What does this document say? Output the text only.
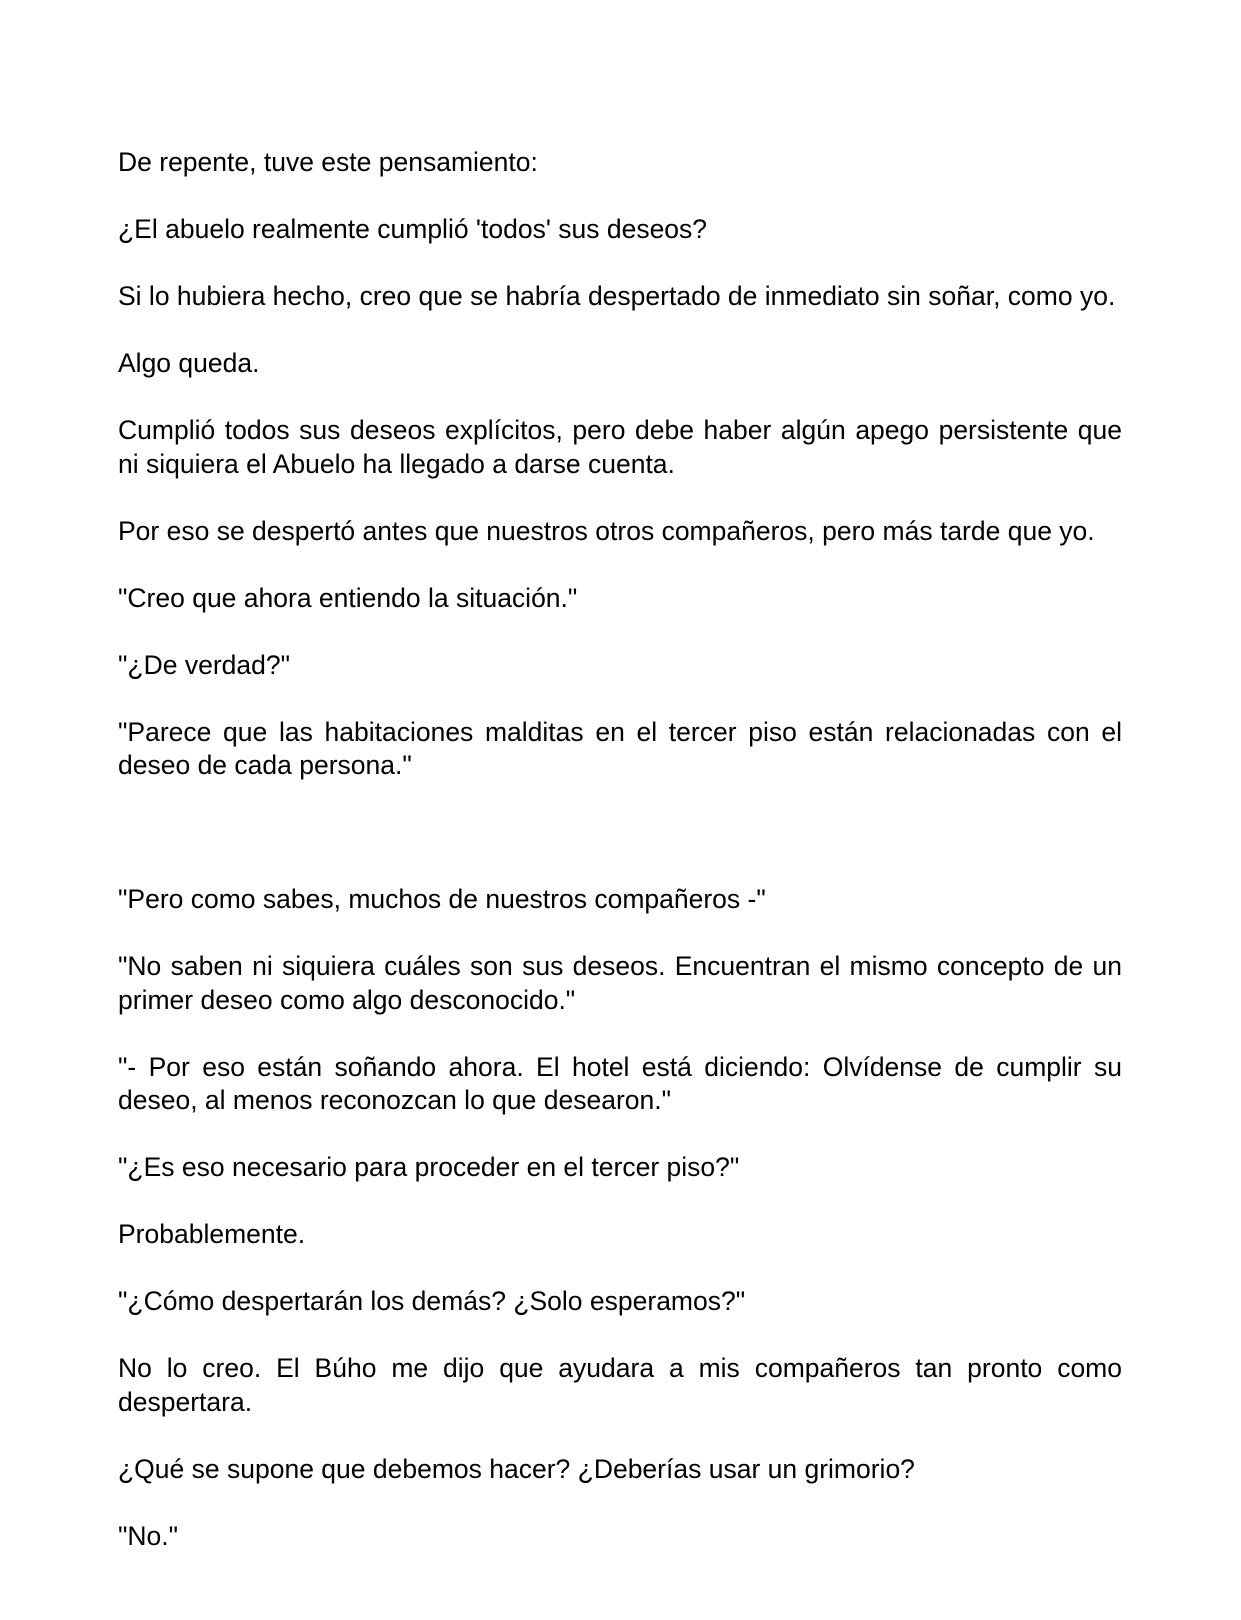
De repente, tuve este pensamiento:

¿El abuelo realmente cumplió 'todos' sus deseos?

Si lo hubiera hecho, creo que se habría despertado de inmediato sin soñar, como yo.

Algo queda.

Cumplió todos sus deseos explícitos, pero debe haber algún apego persistente que ni siquiera el Abuelo ha llegado a darse cuenta.

Por eso se despertó antes que nuestros otros compañeros, pero más tarde que yo.

"Creo que ahora entiendo la situación."

"¿De verdad?"

"Parece que las habitaciones malditas en el tercer piso están relacionadas con el deseo de cada persona."

"Pero como sabes, muchos de nuestros compañeros -"

"No saben ni siquiera cuáles son sus deseos. Encuentran el mismo concepto de un primer deseo como algo desconocido."

"- Por eso están soñando ahora. El hotel está diciendo: Olvídense de cumplir su deseo, al menos reconozcan lo que desearon."

"¿Es eso necesario para proceder en el tercer piso?"

Probablemente.

"¿Cómo despertarán los demás? ¿Solo esperamos?"

No lo creo. El Búho me dijo que ayudara a mis compañeros tan pronto como despertara.

¿Qué se supone que debemos hacer? ¿Deberías usar un grimorio?

"No."
